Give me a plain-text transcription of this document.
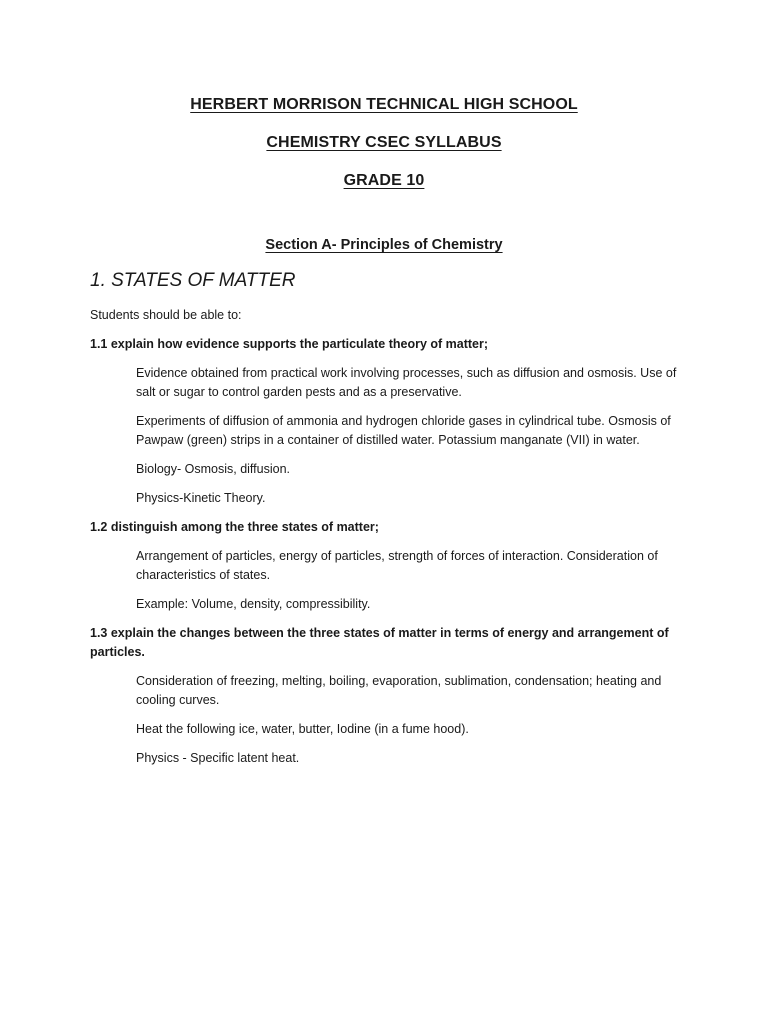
HERBERT MORRISON TECHNICAL HIGH SCHOOL
CHEMISTRY CSEC SYLLABUS
GRADE 10
Section A- Principles of Chemistry
1. STATES OF MATTER

Students should be able to:

1.1 explain how evidence supports the particulate theory of matter;

Evidence obtained from practical work involving processes, such as diffusion and osmosis. Use of salt or sugar to control garden pests and as a preservative.

Experiments of diffusion of ammonia and hydrogen chloride gases in cylindrical tube. Osmosis of Pawpaw (green) strips in a container of distilled water. Potassium manganate (VII) in water.

Biology- Osmosis, diffusion.

Physics-Kinetic Theory.

1.2 distinguish among the three states of matter;

Arrangement of particles, energy of particles, strength of forces of interaction. Consideration of characteristics of states.

Example: Volume, density, compressibility.

1.3 explain the changes between the three states of matter in terms of energy and arrangement of particles.

Consideration of freezing, melting, boiling, evaporation, sublimation, condensation; heating and cooling curves.

Heat the following ice, water, butter, Iodine (in a fume hood).

Physics - Specific latent heat.
